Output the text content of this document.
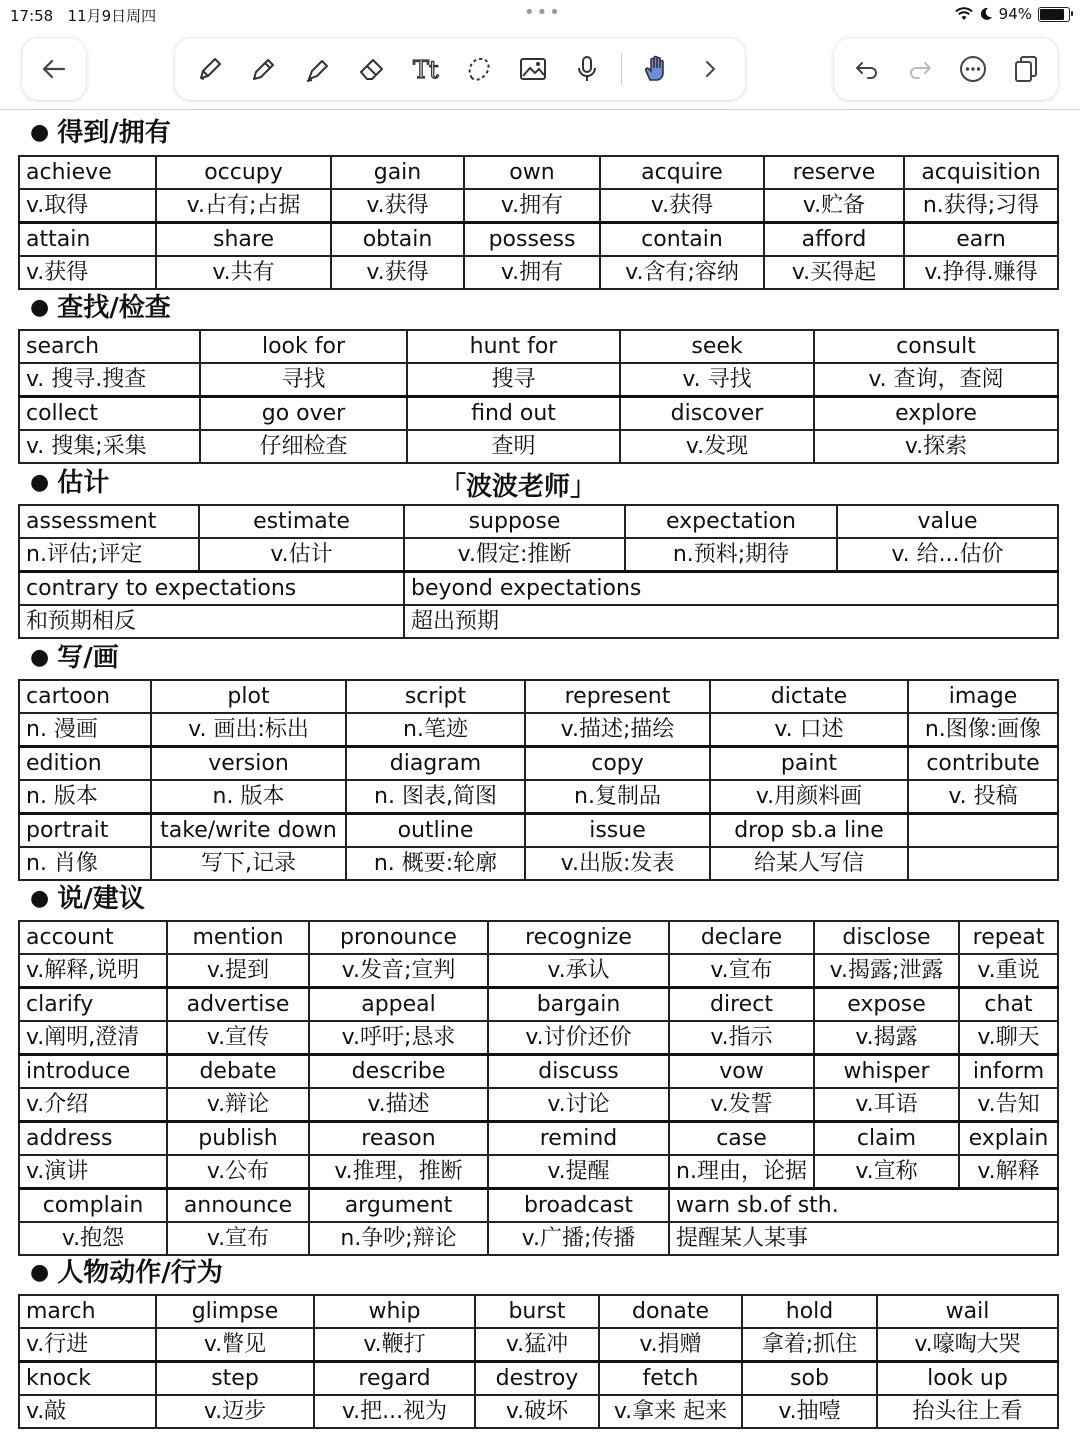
17:58 11月9日周四	•••	94%
Tt
● 得到/拥有
achieve	occupy	gain	own	acquire	reserve	acquisition
v.取得	v.占有;占据	v.获得	v.拥有	v.获得	v.贮备	n.获得;习得
attain	share	obtain	possess	contain	afford	earn
v.获得	v.共有	v.获得	v.拥有	v.含有;容纳	v.买得起	v.挣得.赚得
● 查找/检查
search	look for	hunt for	seek	consult
v. 搜寻.搜查	寻找	搜寻	v. 寻找	v. 查询，查阅
collect	go over	find out	discover	explore
v. 搜集;采集	仔细检查	查明	v.发现	v.探索
● 估计	「波波老师」
assessment	estimate	suppose	expectation	value
n.评估;评定	v.估计	v.假定:推断	n.预料;期待	v. 给...估价
contrary to expectations		beyond expectations		
和预期相反		超出预期		
● 写/画
cartoon	plot	script	represent	dictate	image
n. 漫画	v. 画出:标出	n.笔迹	v.描述;描绘	v. 口述	n.图像:画像
edition	version	diagram	copy	paint	contribute
n. 版本	n. 版本	n. 图表,简图	n.复制品	v.用颜料画	v. 投稿
portrait	take/write down	outline	issue	drop sb.a line	
n. 肖像	写下,记录	n. 概要:轮廓	v.出版:发表	给某人写信	
● 说/建议
account	mention	pronounce	recognize	declare	disclose	repeat
v.解释,说明	v.提到	v.发音;宣判	v.承认	v.宣布	v.揭露;泄露	v.重说
clarify	advertise	appeal	bargain	direct	expose	chat
v.阐明,澄清	v.宣传	v.呼吁;恳求	v.讨价还价	v.指示	v.揭露	v.聊天
introduce	debate	describe	discuss	vow	whisper	inform
v.介绍	v.辩论	v.描述	v.讨论	v.发誓	v.耳语	v.告知
address	publish	reason	remind	case	claim	explain
v.演讲	v.公布	v.推理，推断	v.提醒	n.理由，论据	v.宣称	v.解释
complain	announce	argument	broadcast	warn sb.of sth.		
v.抱怨	v.宣布	n.争吵;辩论	v.广播;传播	提醒某人某事		
● 人物动作/行为
march	glimpse	whip	burst	donate	hold	wail
v.行进	v.瞥见	v.鞭打	v.猛冲	v.捐赠	拿着;抓住	v.嚎啕大哭
knock	step	regard	destroy	fetch	sob	look up
v.敲	v.迈步	v.把...视为	v.破坏	v.拿来 起来	v.抽噎	抬头往上看
